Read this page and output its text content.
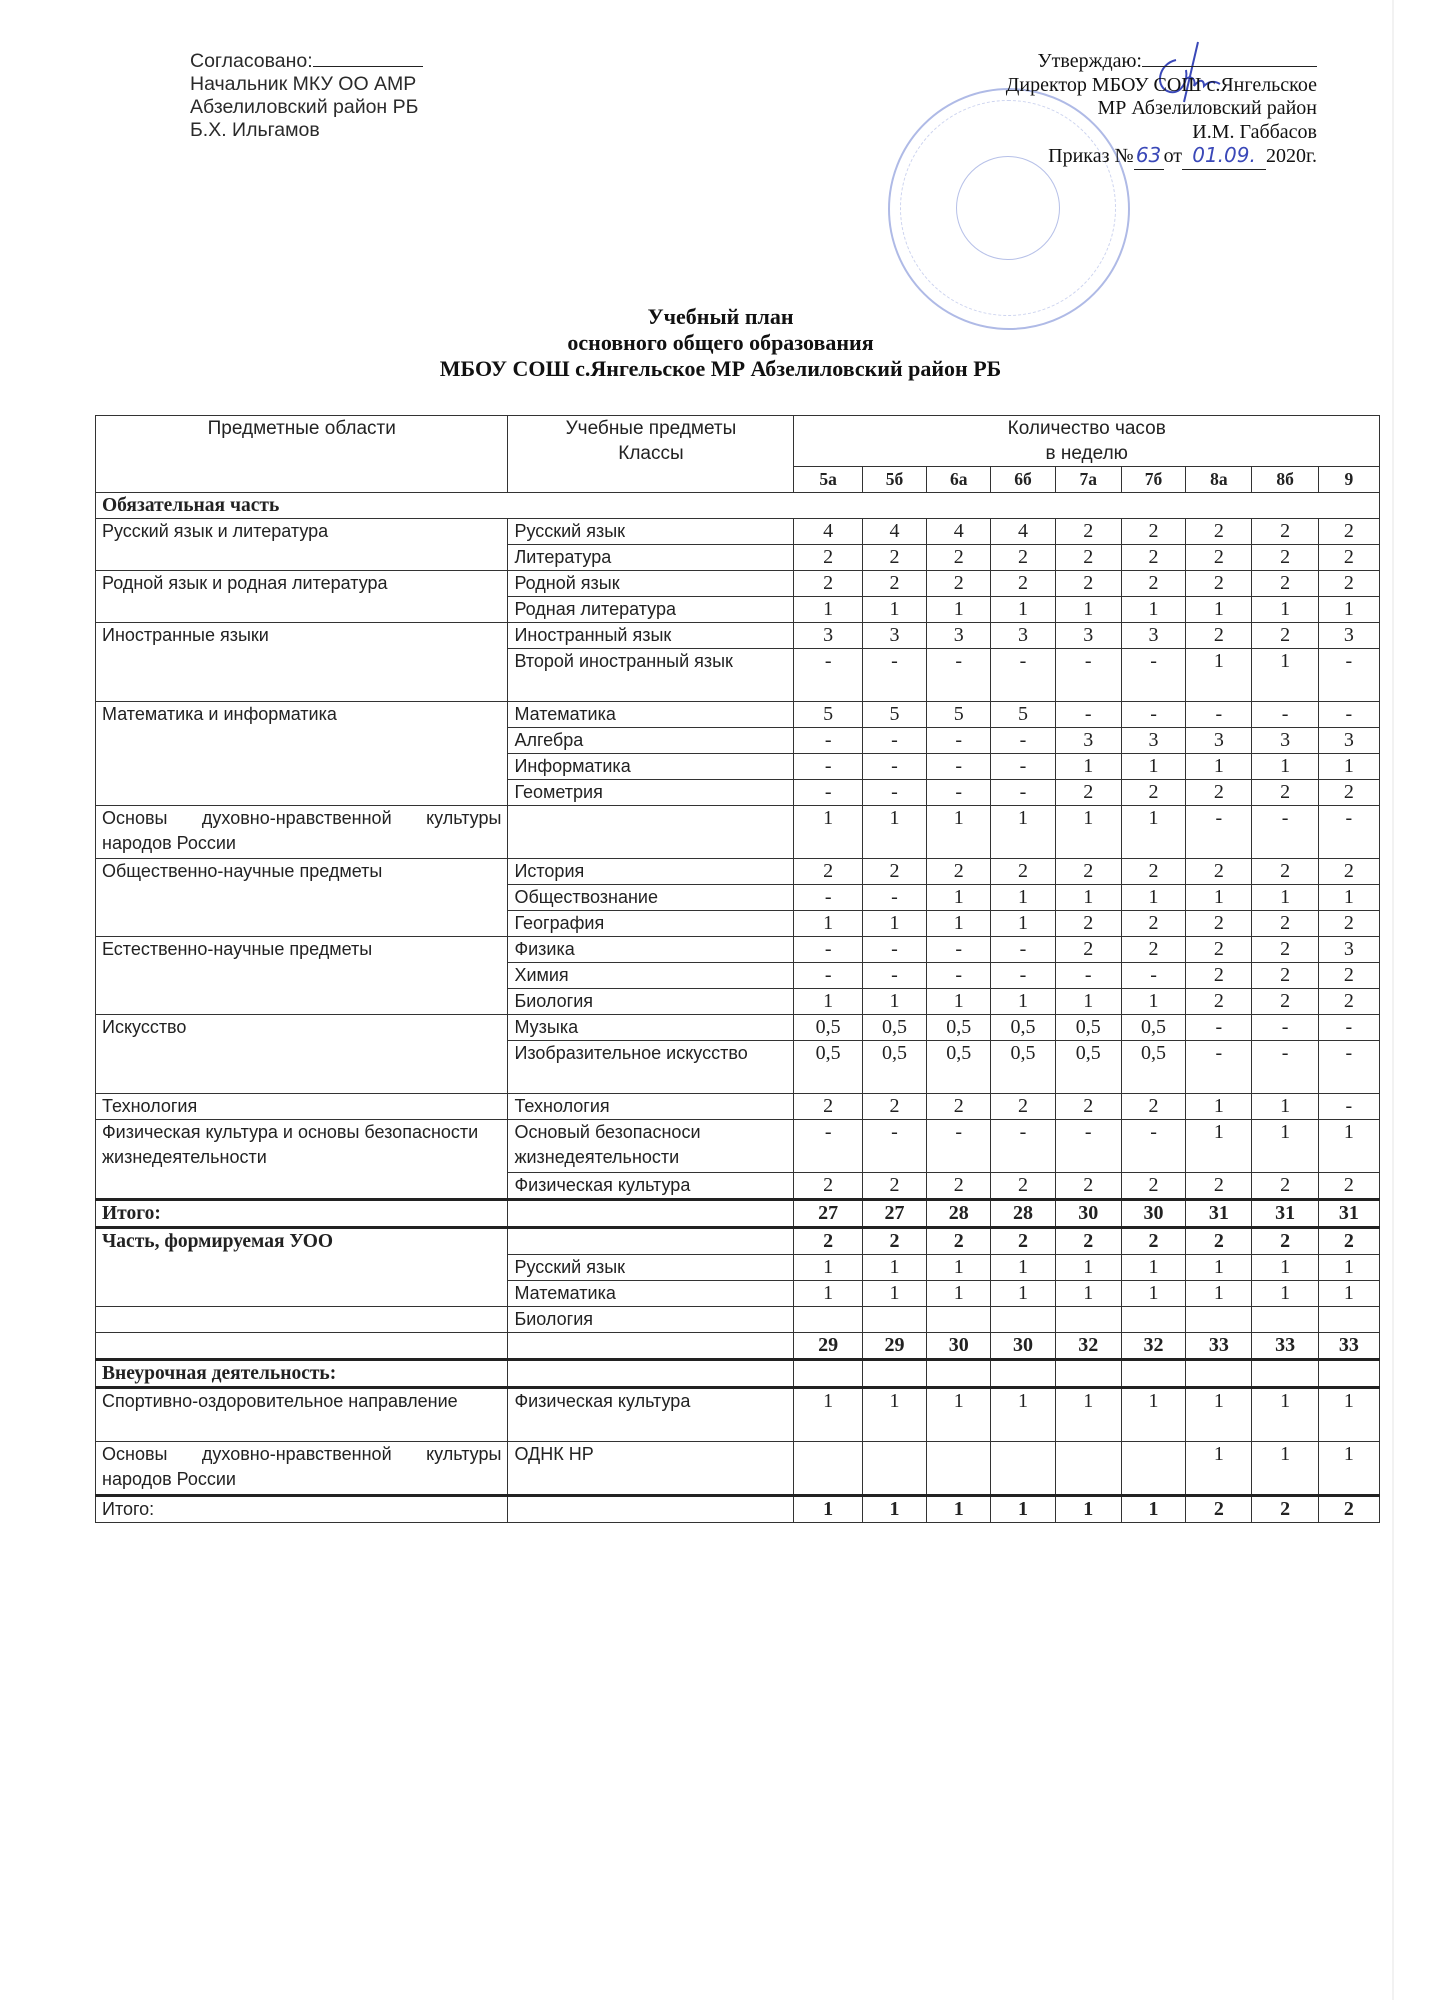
Согласовано:
Начальник МКУ ОО АМР
Абзелиловский район РБ
Б.Х. Ильгамов
Утверждаю:
Директор МБОУ СОШ с.Янгельское
МР Абзелиловский район
И.М. Габбасов
Приказ № 63 от 01.09. 2020г.
Учебный план
основного общего образования
МБОУ СОШ с.Янгельское МР Абзелиловский район РБ
Предметные области	Учебные предметы
Классы	Количество часов
в неделю								
		5а	5б	6а	6б	7а	7б	8а	8б	9
Обязательная часть										
Русский язык и литература	Русский язык	4	4	4	4	2	2	2	2	2
	Литература	2	2	2	2	2	2	2	2	2
Родной язык и родная литература	Родной язык	2	2	2	2	2	2	2	2	2
	Родная литература	1	1	1	1	1	1	1	1	1
Иностранные языки	Иностранный язык	3	3	3	3	3	3	2	2	3
	Второй иностранный язык	-	-	-	-	-	-	1	1	-
Математика и информатика	Математика	5	5	5	5	-	-	-	-	-
	Алгебра	-	-	-	-	3	3	3	3	3
	Информатика	-	-	-	-	1	1	1	1	1
	Геометрия	-	-	-	-	2	2	2	2	2
Основы духовно-нравственной культуры народов России		1	1	1	1	1	1	-	-	-
Общественно-научные предметы	История	2	2	2	2	2	2	2	2	2
	Обществознание	-	-	1	1	1	1	1	1	1
	География	1	1	1	1	2	2	2	2	2
Естественно-научные предметы	Физика	-	-	-	-	2	2	2	2	3
	Химия	-	-	-	-	-	-	2	2	2
	Биология	1	1	1	1	1	1	2	2	2
Искусство	Музыка	0,5	0,5	0,5	0,5	0,5	0,5	-	-	-
	Изобразительное искусство	0,5	0,5	0,5	0,5	0,5	0,5	-	-	-
Технология	Технология	2	2	2	2	2	2	1	1	-
Физическая культура и основы безопасности жизнедеятельности	Основый безопасноси жизнедеятельности	-	-	-	-	-	-	1	1	1
	Физическая культура	2	2	2	2	2	2	2	2	2
Итого:		27	27	28	28	30	30	31	31	31
Часть, формируемая УОО		2	2	2	2	2	2	2	2	2
	Русский язык	1	1	1	1	1	1	1	1	1
	Математика	1	1	1	1	1	1	1	1	1
	Биология									
		29	29	30	30	32	32	33	33	33
Внеурочная деятельность:										
Спортивно-оздоровительное направление	Физическая культура	1	1	1	1	1	1	1	1	1
Основы духовно-нравственной культуры народов России	ОДНК НР							1	1	1
Итого:		1	1	1	1	1	1	2	2	2
